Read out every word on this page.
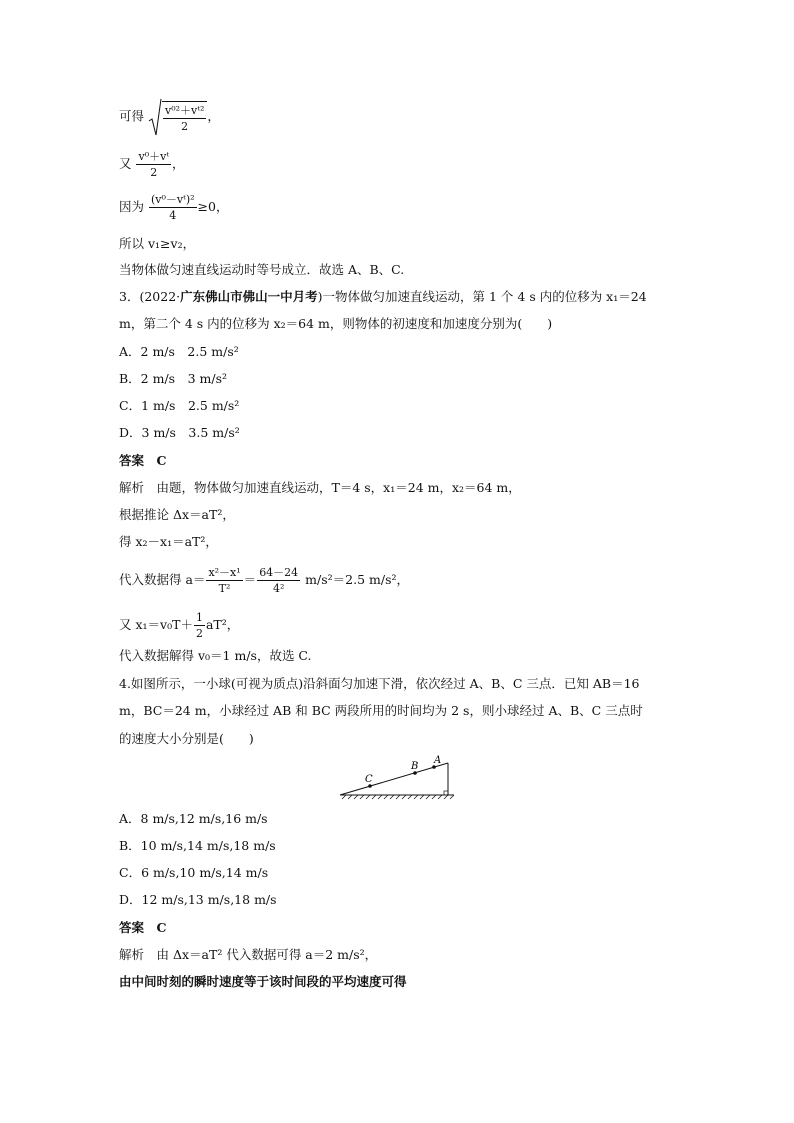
可得 $\frac{\text{v⁰²＋vᵗ²}}{2}$ ，
又 $\frac{\text{v⁰＋vᵗ}}{2}$ ，
因为 $\frac{\text{(v⁰－vᵗ)²}}{4} \ge 0$，
所以 v₁≥v₂，
当物体做匀速直线运动时等号成立．故选 A、B、C.
3．(2022·广东佛山市佛山一中月考)一物体做匀加速直线运动，第 1 个 4 s 内的位移为 x₁＝24
m，第二个 4 s 内的位移为 x₂＝64 m，则物体的初速度和加速度分别为(　　)
A．2 m/s　2.5 m/s²
B．2 m/s　3 m/s²
C．1 m/s　2.5 m/s²
D．3 m/s　3.5 m/s²
答案　C
解析　由题，物体做匀加速直线运动，T＝4 s，x₁＝24 m，x₂＝64 m，
根据推论 Δx＝aT²，
得 x₂－x₁＝aT²，
代入数据得 $a= \frac{\text{x²－x¹}}{\text{T²}} = \frac{64-24}{\text{4²}} m/s^2=2.5$ m/s²，
又 $x_1=v_0T+ \frac{1}{2} aT^2$，
代入数据解得 v₀＝1 m/s，故选 C.
4.如图所示，一小球(可视为质点)沿斜面匀加速下滑，依次经过 A、B、C 三点．已知 AB＝16
m，BC＝24 m，小球经过 AB 和 BC 两段所用的时间均为 2 s，则小球经过 A、B、C 三点时
的速度大小分别是(　　)
A
B
C
A．8 m/s,12 m/s,16 m/s
B．10 m/s,14 m/s,18 m/s
C．6 m/s,10 m/s,14 m/s
D．12 m/s,13 m/s,18 m/s
答案　C
解析　由 Δx＝aT² 代入数据可得 a＝2 m/s²，
由中间时刻的瞬时速度等于该时间段的平均速度可得
